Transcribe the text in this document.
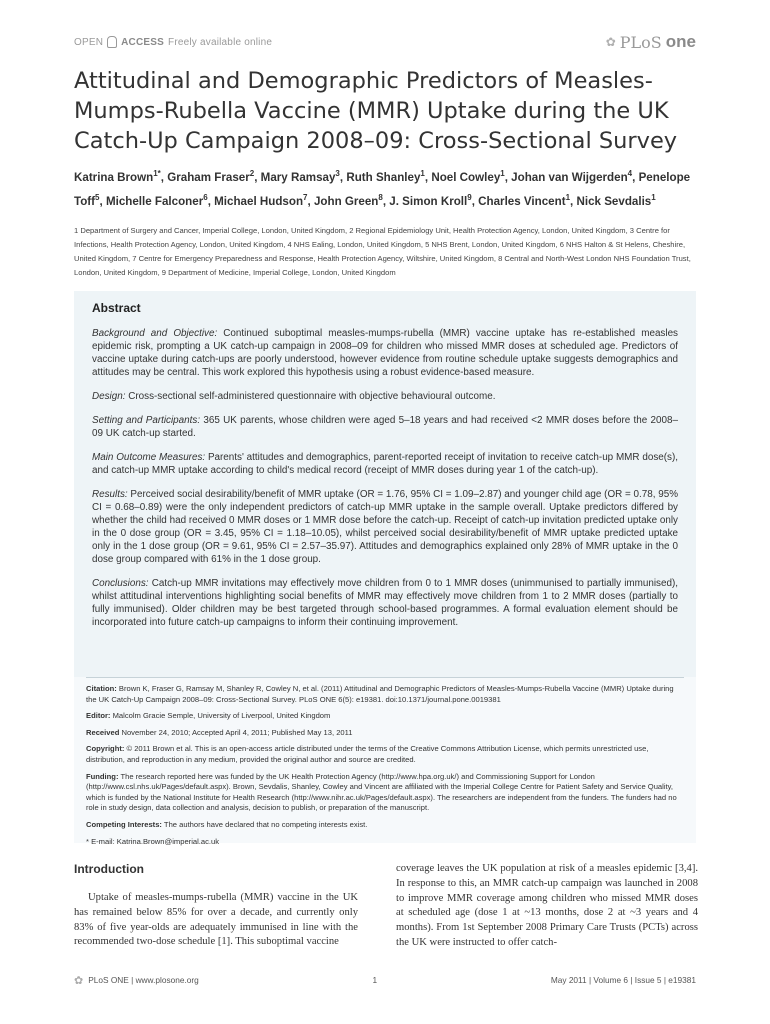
OPEN ACCESS Freely available online	✿ PLoS one
Attitudinal and Demographic Predictors of Measles-Mumps-Rubella Vaccine (MMR) Uptake during the UK Catch-Up Campaign 2008–09: Cross-Sectional Survey

Katrina Brown$^{1*}$, Graham Fraser$^2$, Mary Ramsay$^3$, Ruth Shanley$^1$, Noel Cowley$^1$, Johan van Wijgerden$^4$, Penelope Toff$^5$, Michelle Falconer$^6$, Michael Hudson$^7$, John Green$^8$, J. Simon Kroll$^9$, Charles Vincent$^1$, Nick Sevdalis$^1$

1 Department of Surgery and Cancer, Imperial College, London, United Kingdom, 2 Regional Epidemiology Unit, Health Protection Agency, London, United Kingdom, 3 Centre for Infections, Health Protection Agency, London, United Kingdom, 4 NHS Ealing, London, United Kingdom, 5 NHS Brent, London, United Kingdom, 6 NHS Halton & St Helens, Cheshire, United Kingdom, 7 Centre for Emergency Preparedness and Response, Health Protection Agency, Wiltshire, United Kingdom, 8 Central and North-West London NHS Foundation Trust, London, United Kingdom, 9 Department of Medicine, Imperial College, London, United Kingdom

Abstract

Background and Objective: Continued suboptimal measles-mumps-rubella (MMR) vaccine uptake has re-established measles epidemic risk, prompting a UK catch-up campaign in 2008–09 for children who missed MMR doses at scheduled age. Predictors of vaccine uptake during catch-ups are poorly understood, however evidence from routine schedule uptake suggests demographics and attitudes may be central. This work explored this hypothesis using a robust evidence-based measure.

Design: Cross-sectional self-administered questionnaire with objective behavioural outcome.

Setting and Participants: 365 UK parents, whose children were aged 5–18 years and had received <2 MMR doses before the 2008–09 UK catch-up started.

Main Outcome Measures: Parents' attitudes and demographics, parent-reported receipt of invitation to receive catch-up MMR dose(s), and catch-up MMR uptake according to child's medical record (receipt of MMR doses during year 1 of the catch-up).

Results: Perceived social desirability/benefit of MMR uptake (OR = 1.76, 95% CI = 1.09–2.87) and younger child age (OR = 0.78, 95% CI = 0.68–0.89) were the only independent predictors of catch-up MMR uptake in the sample overall. Uptake predictors differed by whether the child had received 0 MMR doses or 1 MMR dose before the catch-up. Receipt of catch-up invitation predicted uptake only in the 0 dose group (OR = 3.45, 95% CI = 1.18–10.05), whilst perceived social desirability/benefit of MMR uptake predicted uptake only in the 1 dose group (OR = 9.61, 95% CI = 2.57–35.97). Attitudes and demographics explained only 28% of MMR uptake in the 0 dose group compared with 61% in the 1 dose group.

Conclusions: Catch-up MMR invitations may effectively move children from 0 to 1 MMR doses (unimmunised to partially immunised), whilst attitudinal interventions highlighting social benefits of MMR may effectively move children from 1 to 2 MMR doses (partially to fully immunised). Older children may be best targeted through school-based programmes. A formal evaluation element should be incorporated into future catch-up campaigns to inform their continuing improvement.

Citation: Brown K, Fraser G, Ramsay M, Shanley R, Cowley N, et al. (2011) Attitudinal and Demographic Predictors of Measles-Mumps-Rubella Vaccine (MMR) Uptake during the UK Catch-Up Campaign 2008–09: Cross-Sectional Survey. PLoS ONE 6(5): e19381. doi:10.1371/journal.pone.0019381

Editor: Malcolm Gracie Semple, University of Liverpool, United Kingdom

Received November 24, 2010; Accepted April 4, 2011; Published May 13, 2011

Copyright: © 2011 Brown et al. This is an open-access article distributed under the terms of the Creative Commons Attribution License, which permits unrestricted use, distribution, and reproduction in any medium, provided the original author and source are credited.

Funding: The research reported here was funded by the UK Health Protection Agency (http://www.hpa.org.uk/) and Commissioning Support for London (http://www.csl.nhs.uk/Pages/default.aspx). Brown, Sevdalis, Shanley, Cowley and Vincent are affiliated with the Imperial College Centre for Patient Safety and Service Quality, which is funded by the National Institute for Health Research (http://www.nihr.ac.uk/Pages/default.aspx). The researchers are independent from the funders. The funders had no role in study design, data collection and analysis, decision to publish, or preparation of the manuscript.

Competing Interests: The authors have declared that no competing interests exist.

* E-mail: Katrina.Brown@imperial.ac.uk

Introduction

Uptake of measles-mumps-rubella (MMR) vaccine in the UK has remained below 85% for over a decade, and currently only 83% of five year-olds are adequately immunised in line with the recommended two-dose schedule [1]. This suboptimal vaccine

coverage leaves the UK population at risk of a measles epidemic [3,4]. In response to this, an MMR catch-up campaign was launched in 2008 to improve MMR coverage among children who missed MMR doses at scheduled age (dose 1 at ~13 months, dose 2 at ~3 years and 4 months). From 1st September 2008 Primary Care Trusts (PCTs) across the UK were instructed to offer catch-

✿ PLoS ONE | www.plosone.org	1	May 2011 | Volume 6 | Issue 5 | e19381
